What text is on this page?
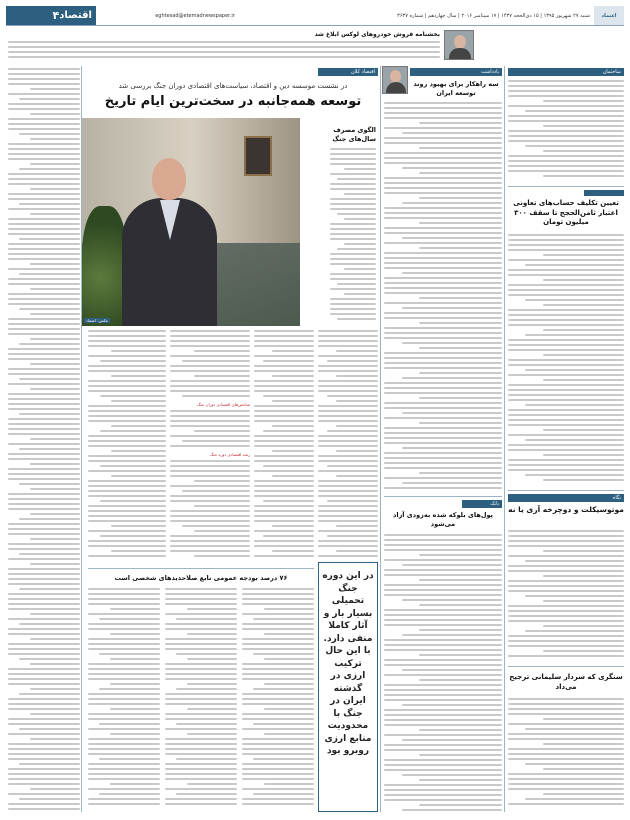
اعتماد
شنبه ۲۷ شهریور ۱۳۹۵ | ۱۵ ذی‌الحجه ۱۴۳۷ | ۱۷ سپتامبر ۲۰۱۶ | سال چهاردهم | شماره ۳۶۳۷
eghtesad@etemadnewspaper.ir
اقتصاد
۴
بخشنامه فروش خودروهای لوکس ابلاغ شد
ساختمان
تعیین تکلیف حساب‌های تعاونی اعتبار ثامن‌الحجج تا سقف ۳۰۰ میلیون تومان
نگاه
موتوسیکلت و دوچرخه آری یا نه
سنگری که سردار سلیمانی ترجیح می‌داد
یادداشت
سه راهکار برای بهبود روند توسعه ایران
بانک
پول‌های بلوکه شده به‌زودی آزاد می‌شود
اقتصاد کلان
در نشست موسسه دین و اقتصاد، سیاست‌های اقتصادی دوران جنگ بررسی شد
توسعه همه‌جانبه در سخت‌ترین ایام تاریخ
عکس: اعتماد
الگوی مصرف سال‌های جنگ
شاخص‌های اقتصادی دوران جنگ
رشد اقتصادی دوره جنگ
در این دوره جنگ تحمیلی بسیار بار و آثار کاملا منفی دارد. با این حال ترکیب ارزی در گذشته ایران در جنگ با محدودیت منابع ارزی روبرو بود
۷۶ درصد بودجه عمومی نابع صلاحدیدهای شخصی است
